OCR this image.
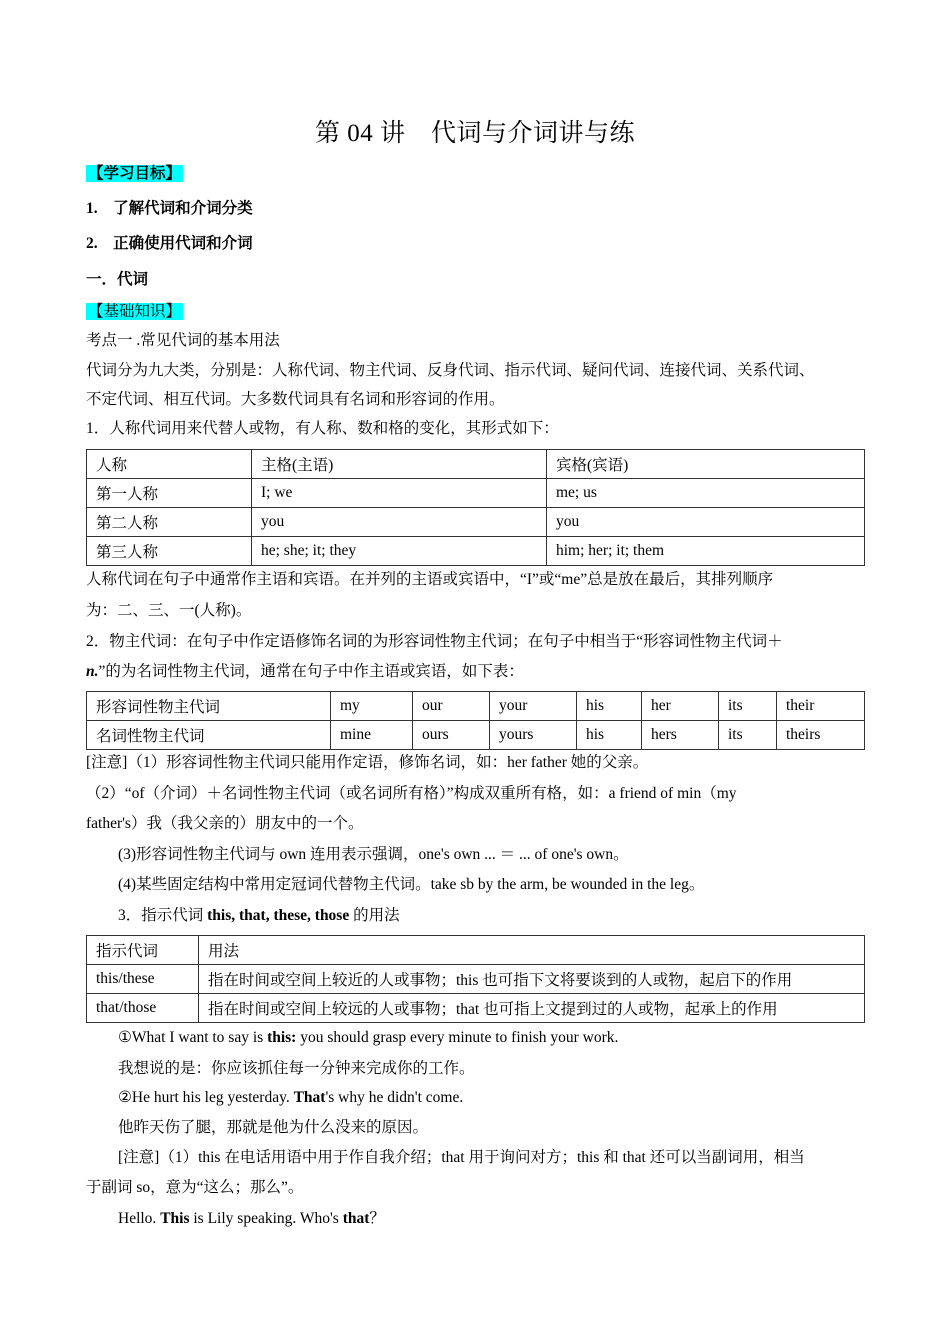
第 04 讲　代词与介词讲与练
【学习目标】
1.　了解代词和介词分类
2.　正确使用代词和介词
一．代词
【基础知识】
考点一 .常见代词的基本用法
代词分为九大类，分别是：人称代词、物主代词、反身代词、指示代词、疑问代词、连接代词、关系代词、
不定代词、相互代词。大多数代词具有名词和形容词的作用。
1．人称代词用来代替人或物，有人称、数和格的变化，其形式如下：
人称	主格(主语)	宾格(宾语)
第一人称	I; we	me; us
第二人称	you	you
第三人称	he; she; it; they	him; her; it; them
人称代词在句子中通常作主语和宾语。在并列的主语或宾语中，“I”或“me”总是放在最后，其排列顺序
为：二、三、一(人称)。
2．物主代词：在句子中作定语修饰名词的为形容词性物主代词；在句子中相当于“形容词性物主代词＋
n.”的为名词性物主代词，通常在句子中作主语或宾语，如下表：
形容词性物主代词	my	our	your	his	her	its	their
名词性物主代词	mine	ours	yours	his	hers	its	theirs
[注意]（1）形容词性物主代词只能用作定语，修饰名词，如：her father 她的父亲。
（2）“of（介词）＋名词性物主代词（或名词所有格）”构成双重所有格，如：a friend of min（my
father's）我（我父亲的）朋友中的一个。
(3)形容词性物主代词与 own 连用表示强调，one's own ... ＝ ... of one's own。
(4)某些固定结构中常用定冠词代替物主代词。take sb by the arm, be wounded in the leg。
3．指示代词 this, that, these, those 的用法
指示代词	用法
this/these	指在时间或空间上较近的人或事物；this 也可指下文将要谈到的人或物，起启下的作用
that/those	指在时间或空间上较远的人或事物；that 也可指上文提到过的人或物，起承上的作用
①What I want to say is this: you should grasp every minute to finish your work.
我想说的是：你应该抓住每一分钟来完成你的工作。
②He hurt his leg yesterday. That's why he didn't come.
他昨天伤了腿，那就是他为什么没来的原因。
[注意]（1）this 在电话用语中用于作自我介绍；that 用于询问对方；this 和 that 还可以当副词用，相当
于副词 so，意为“这么；那么”。
Hello. This is Lily speaking. Who's that？
